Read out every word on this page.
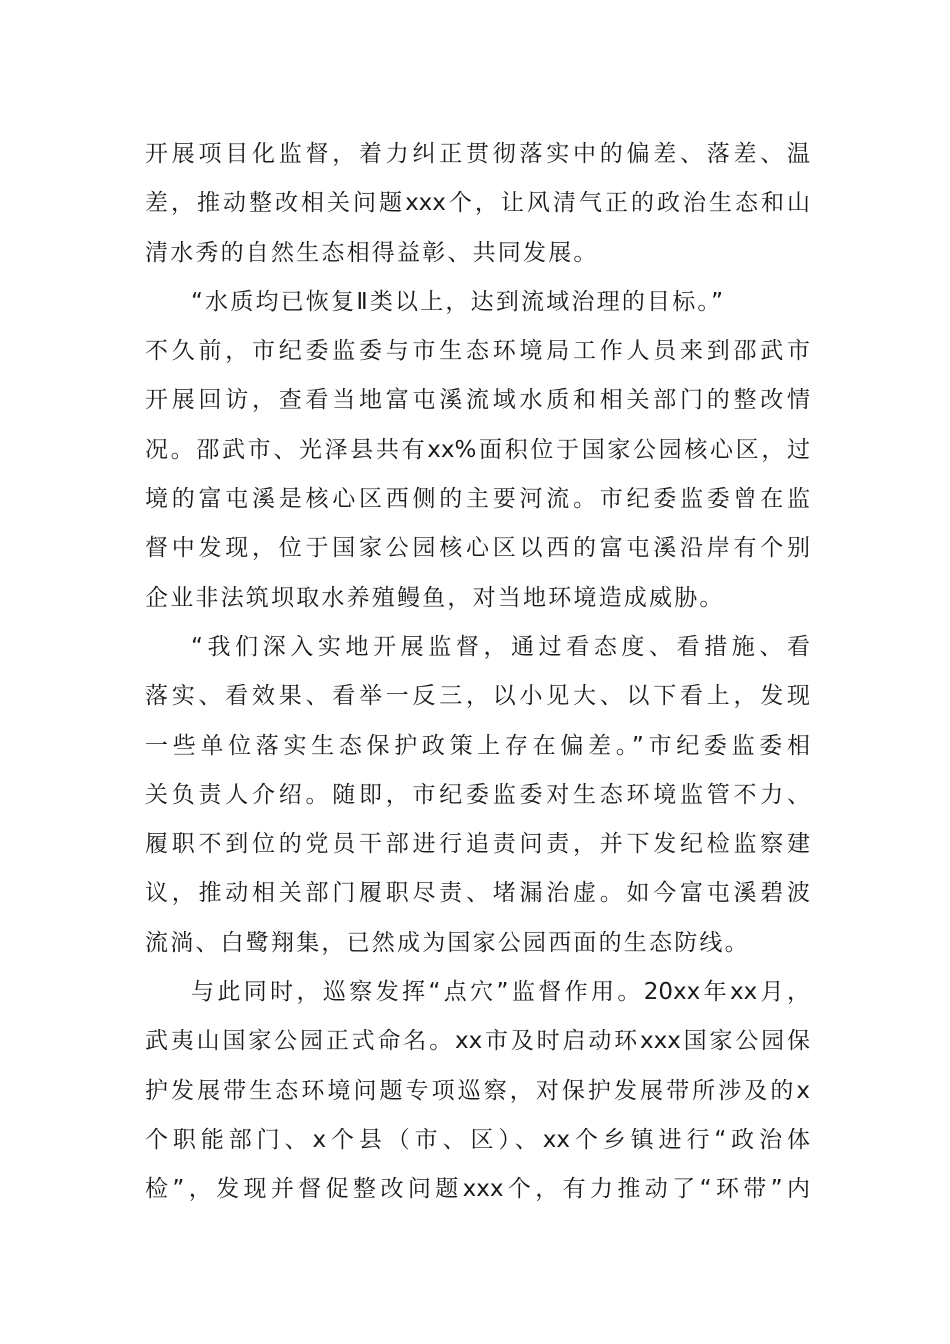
开展项目化监督，着力纠正贯彻落实中的偏差、落差、温
差，推动整改相关问题xxx个，让风清气正的政治生态和山
清水秀的自然生态相得益彰、共同发展。
“水质均已恢复Ⅱ类以上，达到流域治理的目标。”
不久前，市纪委监委与市生态环境局工作人员来到邵武市
开展回访，查看当地富屯溪流域水质和相关部门的整改情
况。邵武市、光泽县共有xx%面积位于国家公园核心区，过
境的富屯溪是核心区西侧的主要河流。市纪委监委曾在监
督中发现，位于国家公园核心区以西的富屯溪沿岸有个别
企业非法筑坝取水养殖鳗鱼，对当地环境造成威胁。
“我们深入实地开展监督，通过看态度、看措施、看
落实、看效果、看举一反三，以小见大、以下看上，发现
一些单位落实生态保护政策上存在偏差。”市纪委监委相
关负责人介绍。随即，市纪委监委对生态环境监管不力、
履职不到位的党员干部进行追责问责，并下发纪检监察建
议，推动相关部门履职尽责、堵漏治虚。如今富屯溪碧波
流淌、白鹭翔集，已然成为国家公园西面的生态防线。
与此同时，巡察发挥“点穴”监督作用。20xx年xx月，
武夷山国家公园正式命名。xx市及时启动环xxx国家公园保
护发展带生态环境问题专项巡察，对保护发展带所涉及的x
个职能部门、x个县（市、区）、xx个乡镇进行“政治体
检”，发现并督促整改问题xxx个，有力推动了“环带”内
